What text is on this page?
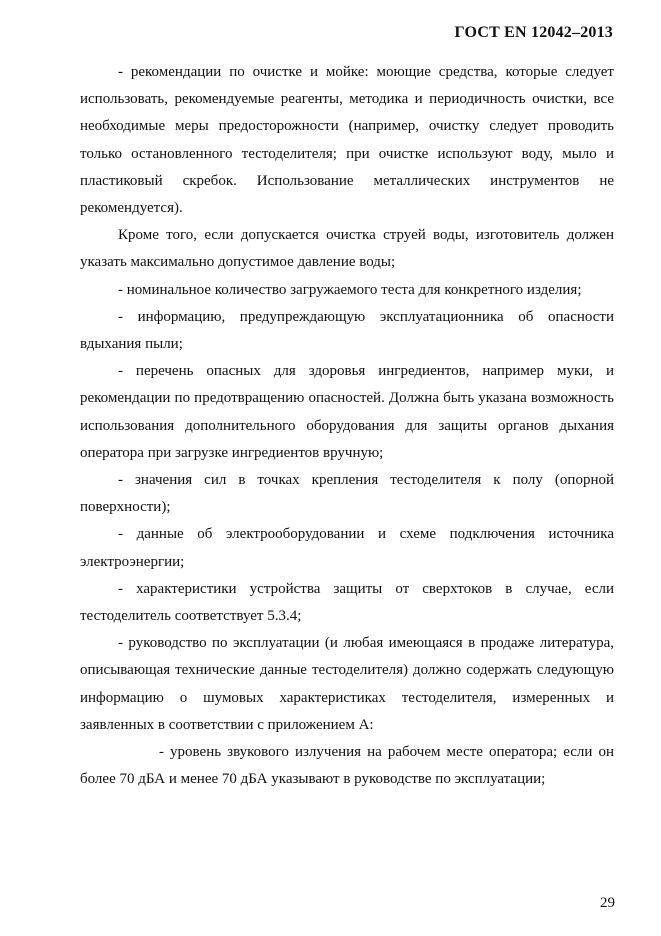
ГОСТ EN 12042–2013

- рекомендации по очистке и мойке: моющие средства, которые следует использовать, рекомендуемые реагенты, методика и периодичность очистки, все необходимые меры предосторожности (например, очистку следует проводить только остановленного тестоделителя; при очистке используют воду, мыло и пластиковый скребок. Использование металлических инструментов не рекомендуется).

Кроме того, если допускается очистка струей воды, изготовитель должен указать максимально допустимое давление воды;

- номинальное количество загружаемого теста для конкретного изделия;

- информацию, предупреждающую эксплуатационника об опасности вдыхания пыли;

- перечень опасных для здоровья ингредиентов, например муки, и рекомендации по предотвращению опасностей. Должна быть указана возможность использования дополнительного оборудования для защиты органов дыхания оператора при загрузке ингредиентов вручную;

- значения сил в точках крепления тестоделителя к полу (опорной поверхности);

- данные об электрооборудовании и схеме подключения источника электроэнергии;

- характеристики устройства защиты от сверхтоков в случае, если тестоделитель соответствует 5.3.4;

- руководство по эксплуатации (и любая имеющаяся в продаже литература, описывающая технические данные тестоделителя) должно содержать следующую информацию о шумовых характеристиках тестоделителя, измеренных и заявленных в соответствии с приложением А:

- уровень звукового излучения на рабочем месте оператора; если он более 70 дБА и менее 70 дБА указывают в руководстве по эксплуатации;

29
